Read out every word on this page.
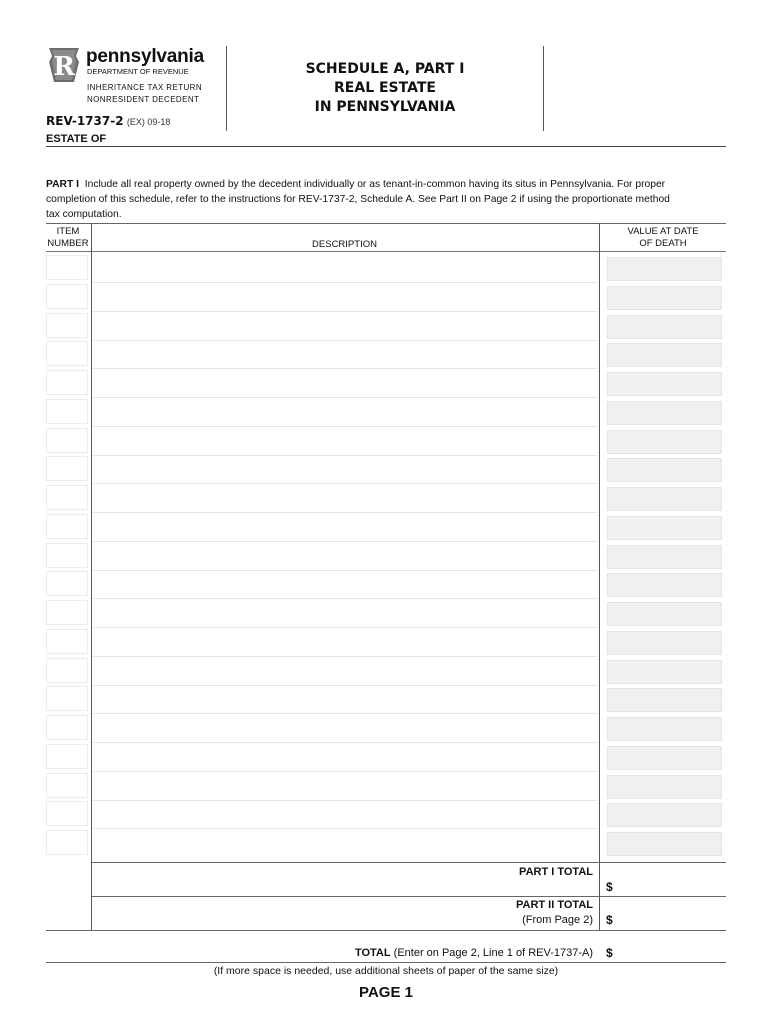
R pennsylvania
DEPARTMENT OF REVENUE
INHERITANCE TAX RETURN
NONRESIDENT DECEDENT
REV-1737-2 (EX) 09-18
SCHEDULE A, PART I
REAL ESTATE
IN PENNSYLVANIA
ESTATE OF
PART I Include all real property owned by the decedent individually or as tenant-in-common having its situs in Pennsylvania. For proper
completion of this schedule, refer to the instructions for REV-1737-2, Schedule A. See Part II on Page 2 if using the proportionate method
tax computation.
ITEM
NUMBER	DESCRIPTION
VALUE AT DATE
OF DEATH
PART I TOTAL
$
PART II TOTAL
(From Page 2) $
TOTAL (Enter on Page 2, Line 1 of REV-1737-A) $
(If more space is needed, use additional sheets of paper of the same size)
PAGE 1
